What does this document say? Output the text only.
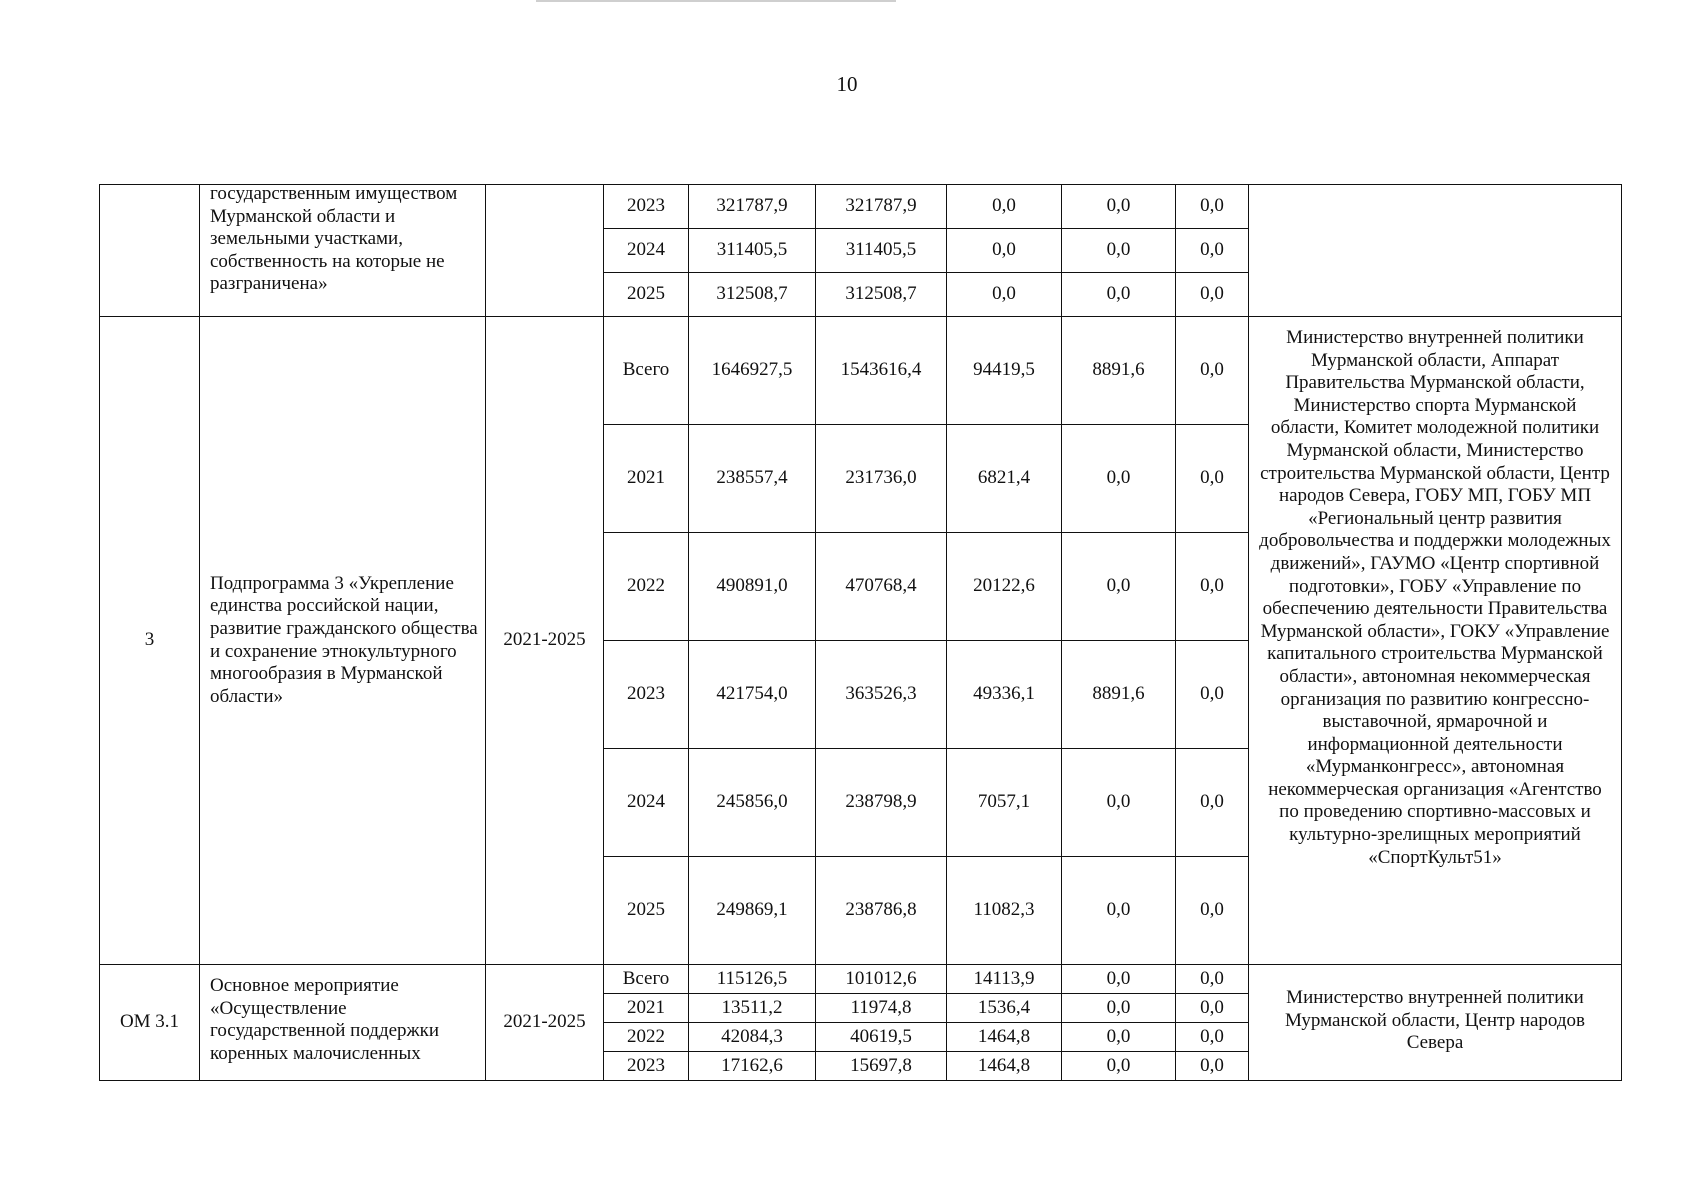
10

	государственным имуществом Мурманской области и земельными участками, собственность на которые не разграничена»		2023	321787,9	321787,9	0,0	0,0	0,0	
			2024	311405,5	311405,5	0,0	0,0	0,0	
			2025	312508,7	312508,7	0,0	0,0	0,0	
3	Подпрограмма 3 «Укрепление единства российской нации, развитие гражданского общества и сохранение этнокультурного многообразия в Мурманской области»	2021-2025	Всего	1646927,5	1543616,4	94419,5	8891,6	0,0	Министерство внутренней политики Мурманской области, Аппарат Правительства Мурманской области, Министерство спорта Мурманской области, Комитет молодежной политики Мурманской области, Министерство строительства Мурманской области, Центр народов Севера, ГОБУ МП, ГОБУ МП «Региональный центр развития добровольчества и поддержки молодежных движений», ГАУМО «Центр спортивной подготовки», ГОБУ «Управление по обеспечению деятельности Правительства Мурманской области», ГОКУ «Управление капитального строительства Мурманской области», автономная некоммерческая организация по развитию конгрессно-выставочной, ярмарочной и информационной деятельности «Мурманконгресс», автономная некоммерческая организация «Агентство по проведению спортивно-массовых и культурно-зрелищных мероприятий «СпортКульт51»

			2021	238557,4	231736,0	6821,4	0,0	0,0	
			2022	490891,0	470768,4	20122,6	0,0	0,0	
			2023	421754,0	363526,3	49336,1	8891,6	0,0	
			2024	245856,0	238798,9	7057,1	0,0	0,0	
			2025	249869,1	238786,8	11082,3	0,0	0,0	
ОМ 3.1	Основное мероприятие «Осуществление государственной поддержки коренных малочисленных	2021-2025	Всего	115126,5	101012,6	14113,9	0,0	0,0	Министерство внутренней политики Мурманской области, Центр народов Севера

			2021	13511,2	11974,8	1536,4	0,0	0,0	
			2022	42084,3	40619,5	1464,8	0,0	0,0	
			2023	17162,6	15697,8	1464,8	0,0	0,0	
